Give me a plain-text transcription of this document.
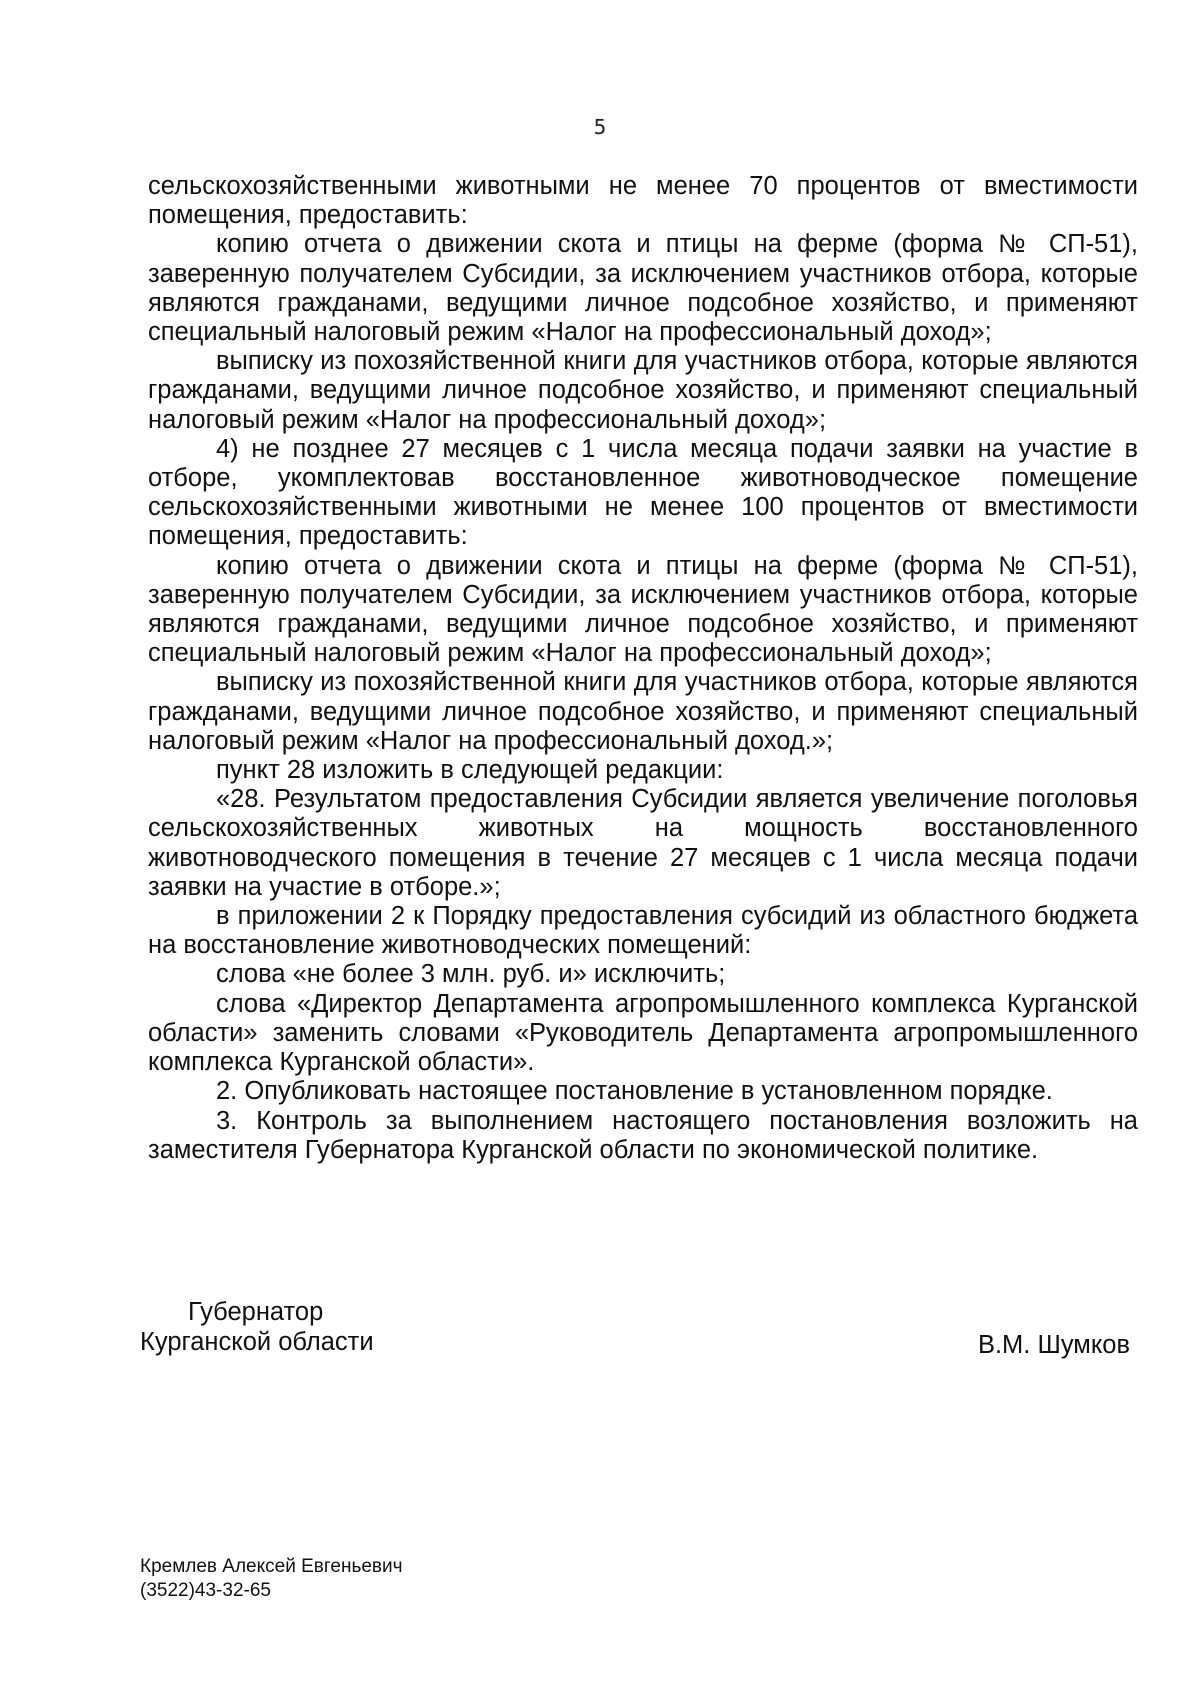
5

сельскохозяйственными животными не менее 70 процентов от вместимости помещения, предоставить:

копию отчета о движении скота и птицы на ферме (форма № СП-51), заверенную получателем Субсидии, за исключением участников отбора, которые являются гражданами, ведущими личное подсобное хозяйство, и применяют специальный налоговый режим «Налог на профессиональный доход»;

выписку из похозяйственной книги для участников отбора, которые являются гражданами, ведущими личное подсобное хозяйство, и применяют специальный налоговый режим «Налог на профессиональный доход»;

4) не позднее 27 месяцев с 1 числа месяца подачи заявки на участие в отборе, укомплектовав восстановленное животноводческое помещение сельскохозяйственными животными не менее 100 процентов от вместимости помещения, предоставить:

копию отчета о движении скота и птицы на ферме (форма № СП-51), заверенную получателем Субсидии, за исключением участников отбора, которые являются гражданами, ведущими личное подсобное хозяйство, и применяют специальный налоговый режим «Налог на профессиональный доход»;

выписку из похозяйственной книги для участников отбора, которые являются гражданами, ведущими личное подсобное хозяйство, и применяют специальный налоговый режим «Налог на профессиональный доход.»;

пункт 28 изложить в следующей редакции:

«28. Результатом предоставления Субсидии является увеличение поголовья сельскохозяйственных животных на мощность восстановленного животноводческого помещения в течение 27 месяцев с 1 числа месяца подачи заявки на участие в отборе.»;

в приложении 2 к Порядку предоставления субсидий из областного бюджета на восстановление животноводческих помещений:

слова «не более 3 млн. руб. и» исключить;

слова «Директор Департамента агропромышленного комплекса Курганской области» заменить словами «Руководитель Департамента агропромышленного комплекса Курганской области».

2. Опубликовать настоящее постановление в установленном порядке.

3. Контроль за выполнением настоящего постановления возложить на заместителя Губернатора Курганской области по экономической политике.

Губернатор
Курганской области	В.М. Шумков
Кремлев Алексей Евгеньевич
(3522)43-32-65
